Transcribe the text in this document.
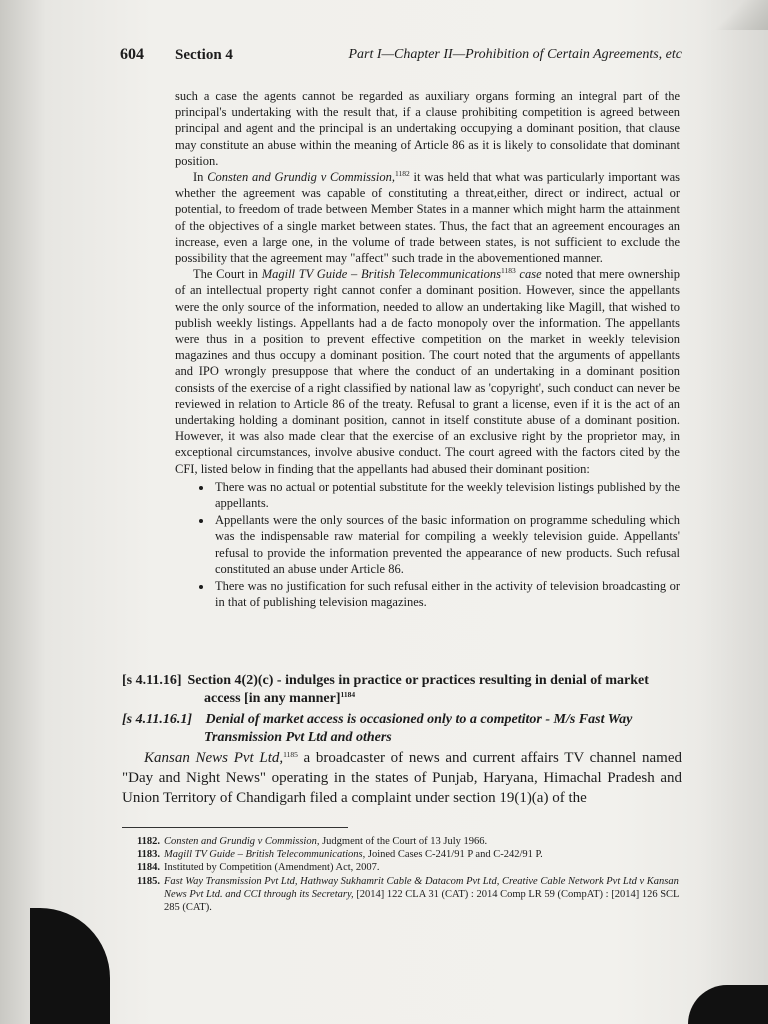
604 Section 4	Part I—Chapter II—Prohibition of Certain Agreements, etc

such a case the agents cannot be regarded as auxiliary organs forming an integral part of the principal's undertaking with the result that, if a clause prohibiting competition is agreed between principal and agent and the principal is an undertaking occupying a dominant position, that clause may constitute an abuse within the meaning of Article 86 as it is likely to consolidate that dominant position.

In Consten and Grundig v Commission,$^{1182}$ it was held that what was particularly important was whether the agreement was capable of constituting a threat,either, direct or indirect, actual or potential, to freedom of trade between Member States in a manner which might harm the attainment of the objectives of a single market between states. Thus, the fact that an agreement encourages an increase, even a large one, in the volume of trade between states, is not sufficient to exclude the possibility that the agreement may "affect" such trade in the abovementioned manner.

The Court in Magill TV Guide – British Telecommunications$^{1183}$ case noted that mere ownership of an intellectual property right cannot confer a dominant position. However, since the appellants were the only source of the information, needed to allow an undertaking like Magill, that wished to publish weekly listings. Appellants had a de facto monopoly over the information. The appellants were thus in a position to prevent effective competition on the market in weekly television magazines and thus occupy a dominant position. The court noted that the arguments of appellants and IPO wrongly presuppose that where the conduct of an undertaking in a dominant position consists of the exercise of a right classified by national law as 'copyright', such conduct can never be reviewed in relation to Article 86 of the treaty. Refusal to grant a license, even if it is the act of an undertaking holding a dominant position, cannot in itself constitute abuse of a dominant position. However, it was also made clear that the exercise of an exclusive right by the proprietor may, in exceptional circumstances, involve abusive conduct. The court agreed with the factors cited by the CFI, listed below in finding that the appellants had abused their dominant position:

• There was no actual or potential substitute for the weekly television listings published by the appellants.
• Appellants were the only sources of the basic information on programme scheduling which was the indispensable raw material for compiling a weekly television guide. Appellants' refusal to provide the information prevented the appearance of new products. Such refusal constituted an abuse under Article 86.
• There was no justification for such refusal either in the activity of television broadcasting or in that of publishing television magazines.
[s 4.11.16] Section 4(2)(c) - indulges in practice or practices resulting in denial of market
access [in any manner]$^{1184}$
[s 4.11.16.1] Denial of market access is occasioned only to a competitor - M/s Fast Way
Transmission Pvt Ltd and others

Kansan News Pvt Ltd,$^{1185}$ a broadcaster of news and current affairs TV channel named "Day and Night News" operating in the states of Punjab, Haryana, Himachal Pradesh and Union Territory of Chandigarh filed a complaint under section 19(1)(a) of the

1182. Consten and Grundig v Commission, Judgment of the Court of 13 July 1966.
1183. Magill TV Guide – British Telecommunications, Joined Cases C-241/91 P and C-242/91 P.
1184. Instituted by Competition (Amendment) Act, 2007.
1185. Fast Way Transmission Pvt Ltd, Hathway Sukhamrit Cable & Datacom Pvt Ltd, Creative Cable Network Pvt Ltd v Kansan News Pvt Ltd. and CCI through its Secretary, [2014] 122 CLA 31 (CAT) : 2014 Comp LR 59 (CompAT) : [2014] 126 SCL 285 (CAT).
